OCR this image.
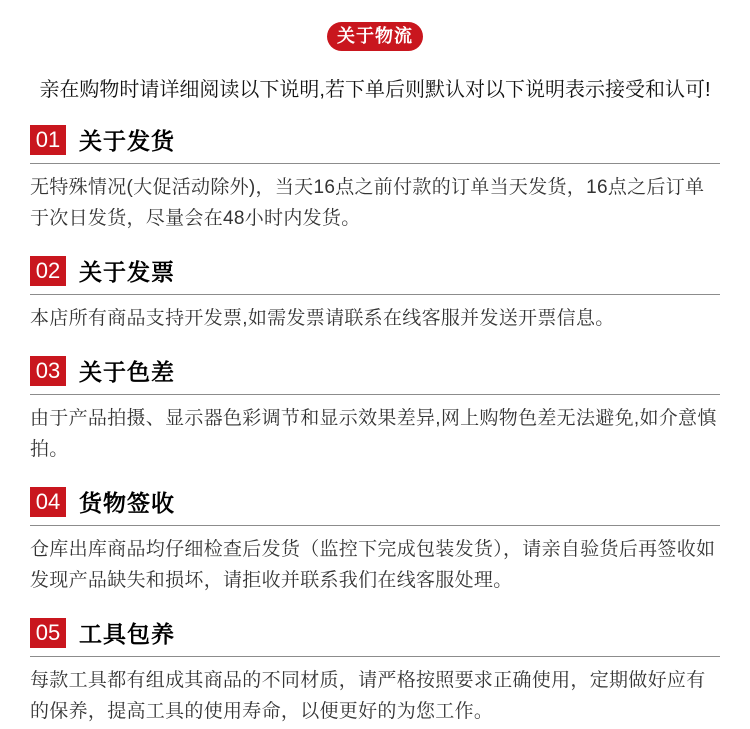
关于物流

亲在购物时请详细阅读以下说明,若下单后则默认对以下说明表示接受和认可!

01 关于发货

无特殊情况(大促活动除外)，当天16点之前付款的订单当天发货，16点之后订单于次日发货，尽量会在48小时内发货。

02 关于发票

本店所有商品支持开发票,如需发票请联系在线客服并发送开票信息。

03 关于色差

由于产品拍摄、显示器色彩调节和显示效果差异,网上购物色差无法避免,如介意慎拍。

04 货物签收

仓库出库商品均仔细检查后发货（监控下完成包装发货），请亲自验货后再签收如发现产品缺失和损坏，请拒收并联系我们在线客服处理。

05 工具包养

每款工具都有组成其商品的不同材质，请严格按照要求正确使用，定期做好应有的保养，提高工具的使用寿命，以便更好的为您工作。
